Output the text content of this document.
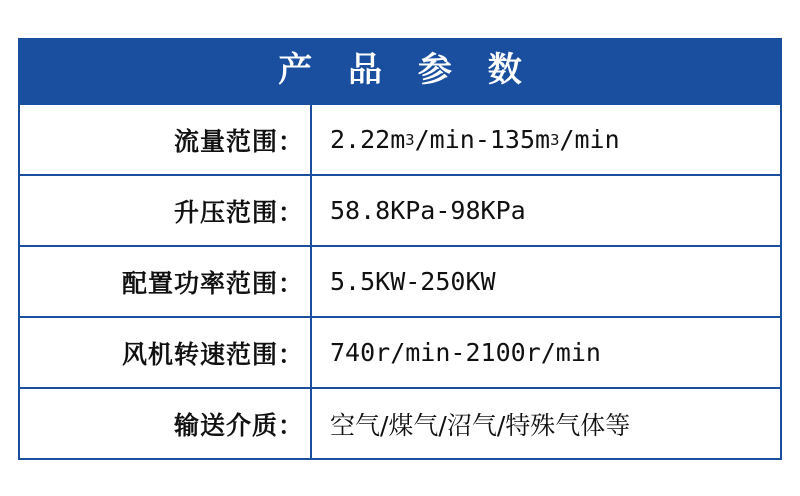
产 品 参 数
流量范围：	2.22m 3 /min-135m 3 /min
升压范围：	58.8KPa-98KPa
配置功率范围：	5.5KW-250KW
风机转速范围：	740r/min-2100r/min
输送介质：	空气/煤气/沼气/特殊气体等
